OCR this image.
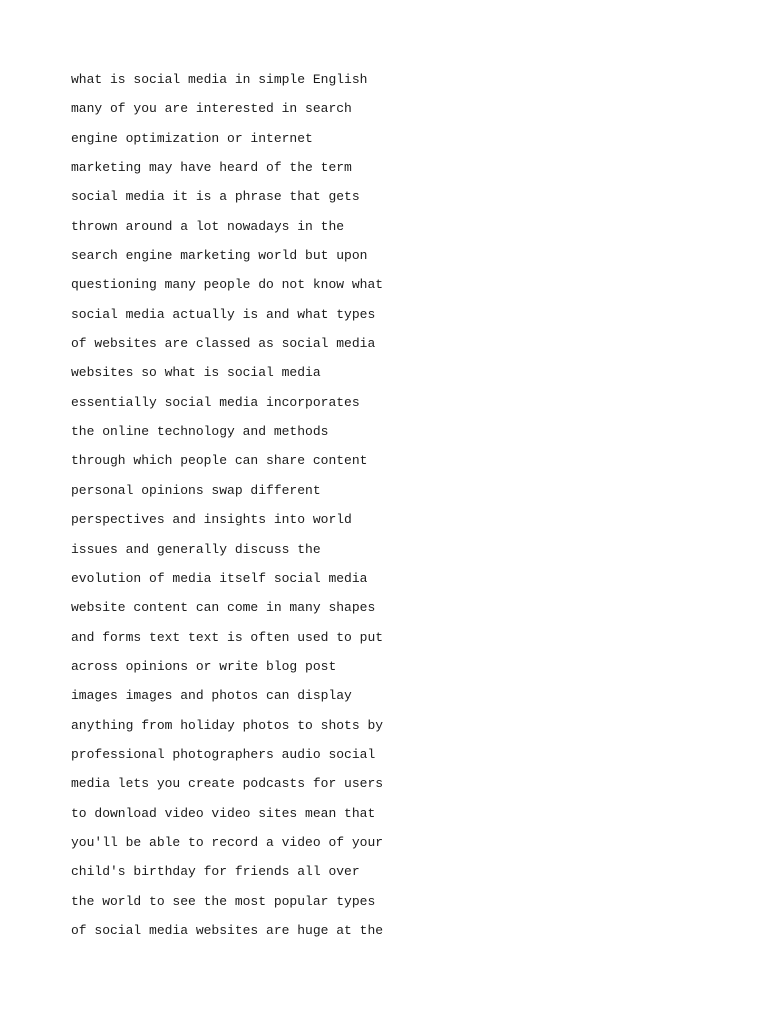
what is social media in simple English
many of you are interested in search
engine optimization or internet
marketing may have heard of the term
social media it is a phrase that gets
thrown around a lot nowadays in the
search engine marketing world but upon
questioning many people do not know what
social media actually is and what types
of websites are classed as social media
websites so what is social media
essentially social media incorporates
the online technology and methods
through which people can share content
personal opinions swap different
perspectives and insights into world
issues and generally discuss the
evolution of media itself social media
website content can come in many shapes
and forms text text is often used to put
across opinions or write blog post
images images and photos can display
anything from holiday photos to shots by
professional photographers audio social
media lets you create podcasts for users
to download video video sites mean that
you'll be able to record a video of your
child's birthday for friends all over
the world to see the most popular types
of social media websites are huge at the
